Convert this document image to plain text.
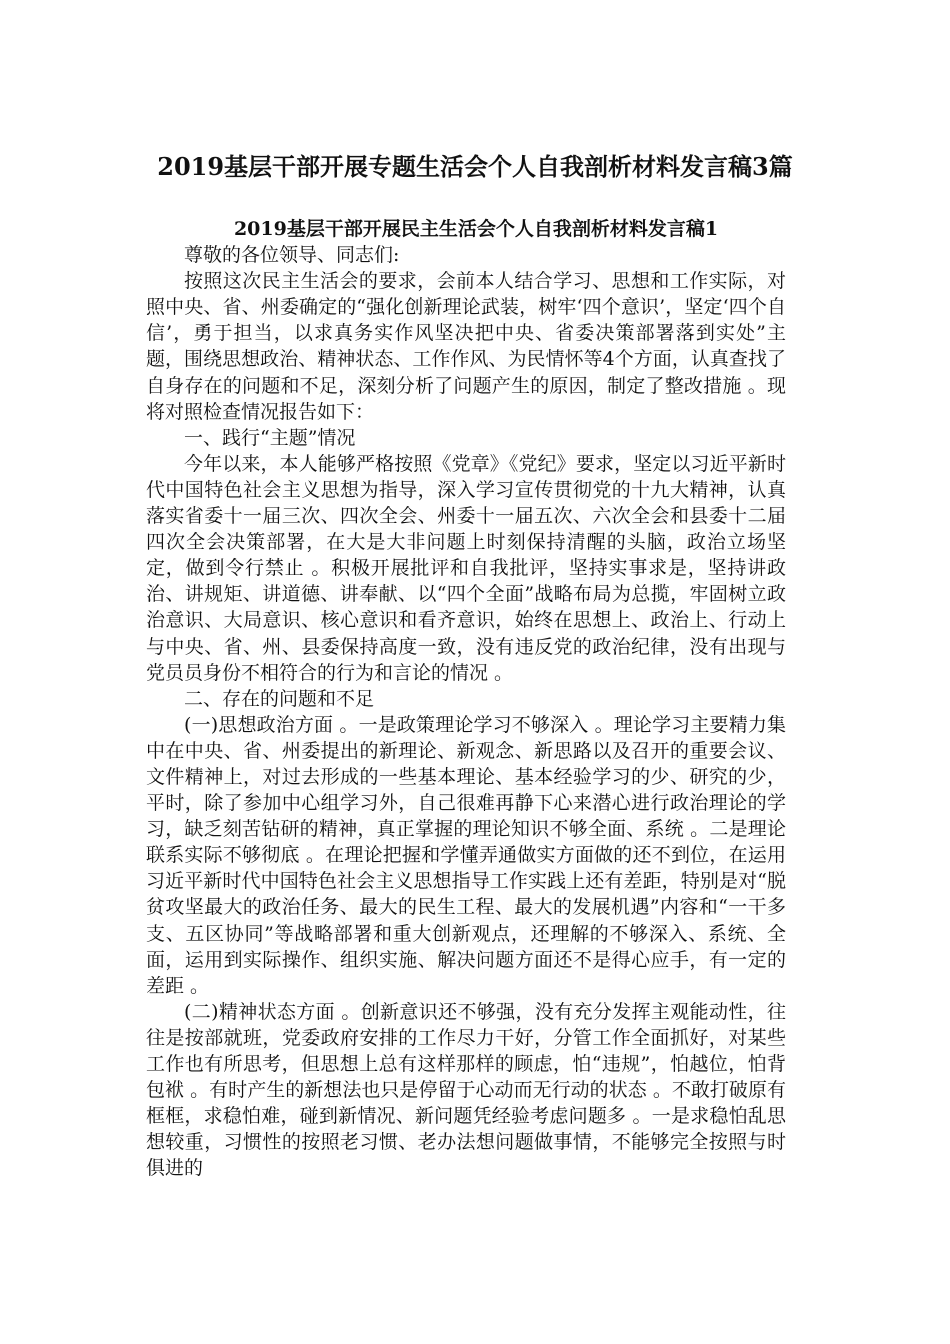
2019基层干部开展专题生活会个人自我剖析材料发言稿3篇

2019基层干部开展民主生活会个人自我剖析材料发言稿1

尊敬的各位领导、同志们:

按照这次民主生活会的要求，会前本人结合学习、思想和工作实际，对照中央、省、州委确定的“强化创新理论武装，树牢‘四个意识’，坚定‘四个自信’，勇于担当，以求真务实作风坚决把中央、省委决策部署落到实处”主题，围绕思想政治、精神状态、工作作风、为民情怀等4个方面，认真查找了自身存在的问题和不足，深刻分析了问题产生的原因，制定了整改措施 。现将对照检查情况报告如下：

一、践行“主题”情况

今年以来，本人能够严格按照《党章》《党纪》要求，坚定以习近平新时代中国特色社会主义思想为指导，深入学习宣传贯彻党的十九大精神，认真落实省委十一届三次、四次全会、州委十一届五次、六次全会和县委十二届四次全会决策部署，在大是大非问题上时刻保持清醒的头脑，政治立场坚定，做到令行禁止 。积极开展批评和自我批评，坚持实事求是，坚持讲政治、讲规矩、讲道德、讲奉献、以“四个全面”战略布局为总揽，牢固树立政治意识、大局意识、核心意识和看齐意识，始终在思想上、政治上、行动上与中央、省、州、县委保持高度一致，没有违反党的政治纪律，没有出现与党员员身份不相符合的行为和言论的情况 。

二、存在的问题和不足

(一)思想政治方面 。一是政策理论学习不够深入 。理论学习主要精力集中在中央、省、州委提出的新理论、新观念、新思路以及召开的重要会议、文件精神上，对过去形成的一些基本理论、基本经验学习的少、研究的少，平时，除了参加中心组学习外，自己很难再静下心来潜心进行政治理论的学习，缺乏刻苦钻研的精神，真正掌握的理论知识不够全面、系统 。二是理论联系实际不够彻底 。在理论把握和学懂弄通做实方面做的还不到位，在运用习近平新时代中国特色社会主义思想指导工作实践上还有差距，特别是对“脱贫攻坚最大的政治任务、最大的民生工程、最大的发展机遇”内容和“一干多支、五区协同”等战略部署和重大创新观点，还理解的不够深入、系统、全面，运用到实际操作、组织实施、解决问题方面还不是得心应手，有一定的差距 。

(二)精神状态方面 。创新意识还不够强，没有充分发挥主观能动性，往往是按部就班，党委政府安排的工作尽力干好，分管工作全面抓好，对某些工作也有所思考，但思想上总有这样那样的顾虑，怕“违规”，怕越位，怕背包袱 。有时产生的新想法也只是停留于心动而无行动的状态 。不敢打破原有框框，求稳怕难，碰到新情况、新问题凭经验考虑问题多 。一是求稳怕乱思想较重，习惯性的按照老习惯、老办法想问题做事情，不能够完全按照与时俱进的
